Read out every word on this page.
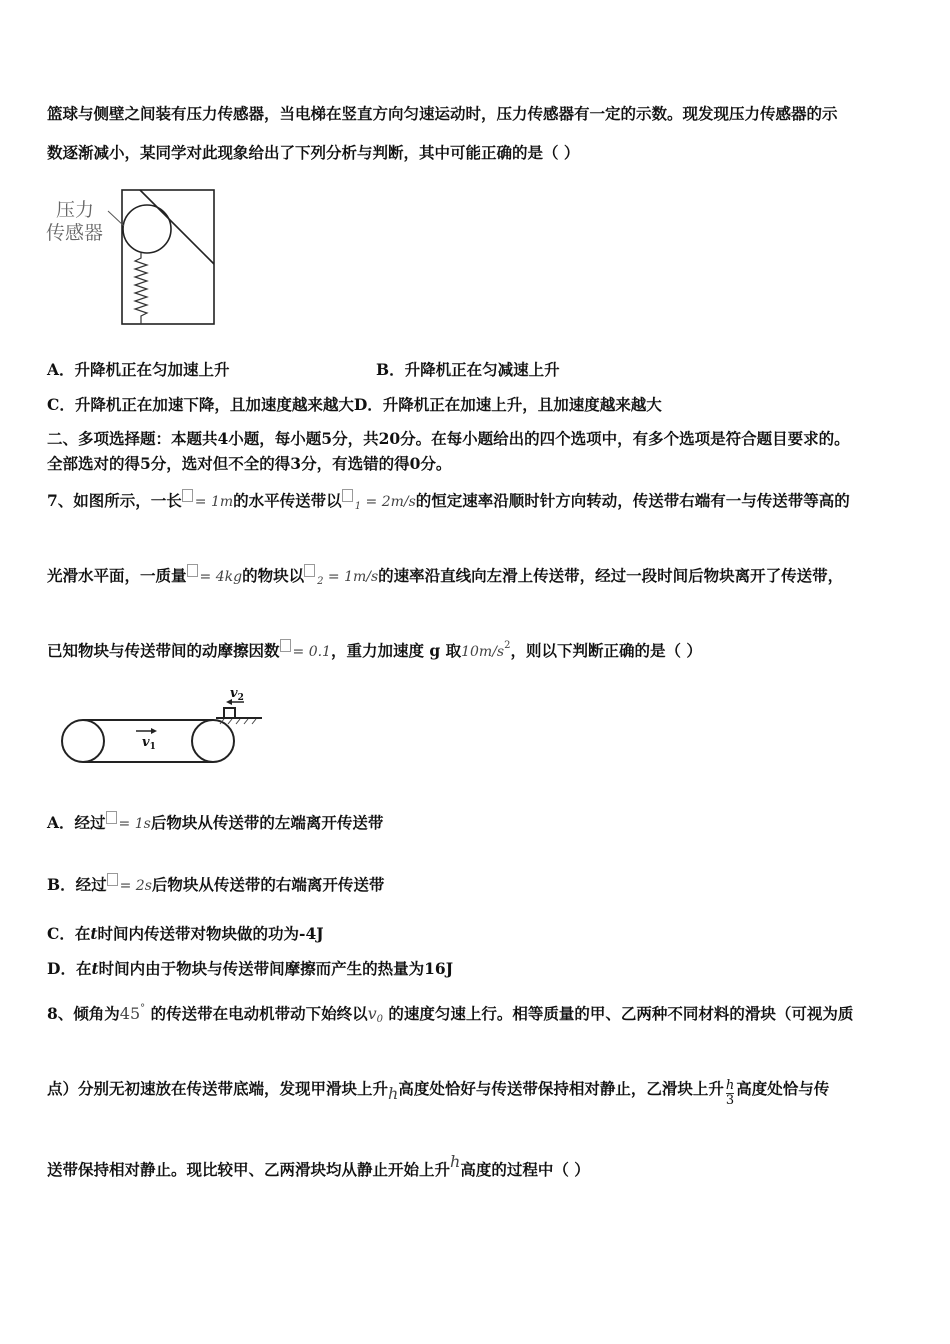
篮球与侧壁之间装有压力传感器，当电梯在竖直方向匀速运动时，压力传感器有一定的示数。现发现压力传感器的示
数逐渐减小，某同学对此现象给出了下列分析与判断，其中可能正确的是（ ）
压力
传感器
A．升降机正在匀加速上升	B．升降机正在匀减速上升
C．升降机正在加速下降，且加速度越来越大D．升降机正在加速上升，且加速度越来越大
二、多项选择题：本题共4小题，每小题5分，共20分。在每小题给出的四个选项中，有多个选项是符合题目要求的。
全部选对的得5分，选对但不全的得3分，有选错的得0分。
7、如图所示，一长 = 1m的水平传送带以 $_1$ = 2m/s的恒定速率沿顺时针方向转动，传送带右端有一与传送带等高的
光滑水平面，一质量 = 4kg的物块以 $_2$ = 1m/s的速率沿直线向左滑上传送带，经过一段时间后物块离开了传送带，
已知物块与传送带间的动摩擦因数 = 0.1，重力加速度 g 取$10m/s^2$，则以下判断正确的是（ ）
$v_2$
$v_1$
A．经过 = 1s后物块从传送带的左端离开传送带
B．经过 = 2s后物块从传送带的右端离开传送带
C．在t时间内传送带对物块做的功为-4J
D．在t时间内由于物块与传送带间摩擦而产生的热量为16J
8、倾角为45° 的传送带在电动机带动下始终以$v_0$ 的速度匀速上行。相等质量的甲、乙两种不同材料的滑块（可视为质
点）分别无初速放在传送带底端，发现甲滑块上升h高度处恰好与传送带保持相对静止，乙滑块上升 $\frac{h}{3}$ 高度处恰与传
送带保持相对静止。现比较甲、乙两滑块均从静止开始上升h高度的过程中（ ）
